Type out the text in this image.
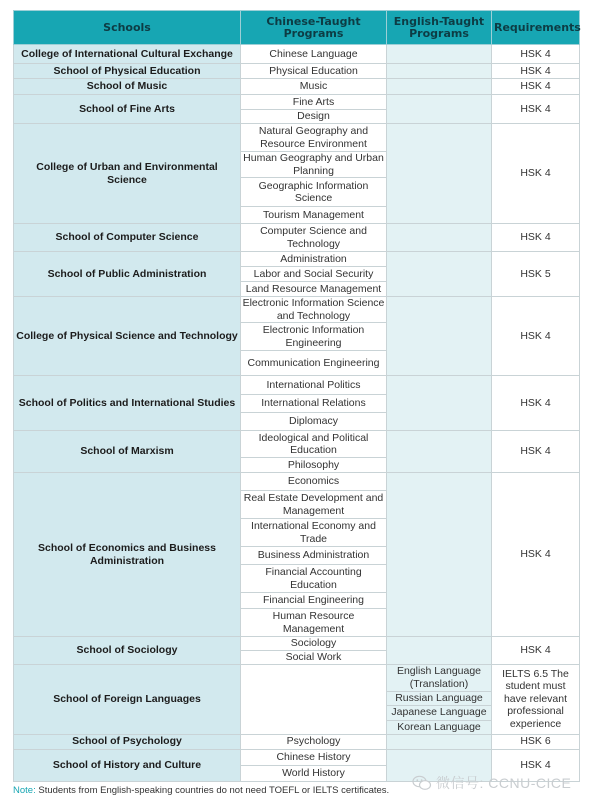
Schools	Chinese-Taught Programs	English-Taught Programs	Requirements
College of International Cultural Exchange	Chinese Language		HSK 4
School of Physical Education	Physical Education		HSK 4
School of Music	Music		HSK 4
School of Fine Arts	Fine Arts		HSK 4
	Design		
College of Urban and Environmental Science	Natural Geography and Resource Environment		HSK 4
	Human Geography and Urban Planning		
	Geographic Information Science		
	Tourism Management		
School of Computer Science	Computer Science and Technology		HSK 4
School of Public Administration	Administration		HSK 5
	Labor and Social Security		
	Land Resource Management		
College of Physical Science and Technology	Electronic Information Science and Technology		HSK 4
	Electronic Information Engineering		
	Communication Engineering		
School of Politics and International Studies	International Politics		HSK 4
	International Relations		
	Diplomacy		
School of Marxism	Ideological and Political Education		HSK 4
	Philosophy		
School of Economics and Business Administration	Economics		HSK 4
	Real Estate Development and Management		
	International Economy and Trade		
	Business Administration		
	Financial Accounting Education		
	Financial Engineering		
	Human Resource Management		
School of Sociology	Sociology		HSK 4
	Social Work		
School of Foreign Languages		English Language (Translation)	IELTS 6.5 The student must have relevant professional experience
		Russian Language	
		Japanese Language	
		Korean Language	
School of Psychology	Psychology		HSK 6
School of History and Culture	Chinese History		HSK 4
	World History		
Note: Students from English-speaking countries do not need TOEFL or IELTS certificates.	微信号: CCNU-CICE
